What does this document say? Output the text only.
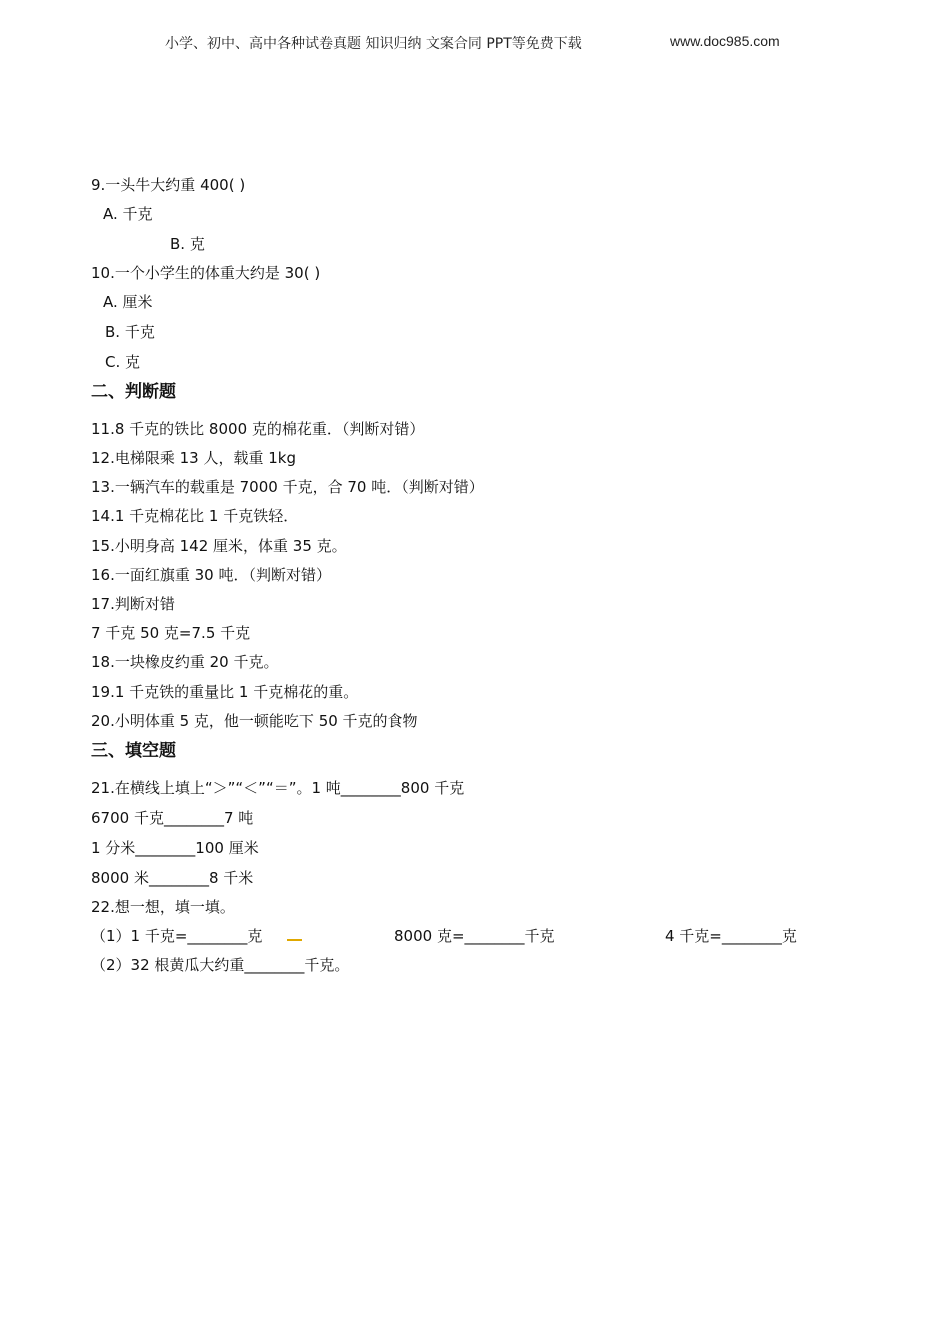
小学、初中、高中各种试卷真题 知识归纳 文案合同 PPT等免费下载	www.doc985.com
9.一头牛大约重 400( )
A. 千克
B. 克
10.一个小学生的体重大约是 30( )
A. 厘米
B. 千克
C. 克
二、判断题
11.8 千克的铁比 8000 克的棉花重．（判断对错）
12.电梯限乘 13 人，载重 1kg
13.一辆汽车的载重是 7000 千克，合 70 吨．（判断对错）
14.1 千克棉花比 1 千克铁轻．
15.小明身高 142 厘米，体重 35 克。
16.一面红旗重 30 吨．（判断对错）
17.判断对错
7 千克 50 克=7.5 千克
18.一块橡皮约重 20 千克。
19.1 千克铁的重量比 1 千克棉花的重。
20.小明体重 5 克，他一顿能吃下 50 千克的食物
三、填空题
21.在横线上填上“＞”“＜”“＝”。1 吨________800 千克
6700 千克________7 吨
1 分米________100 厘米
8000 米________8 千米
22.想一想，填一填。
（1）1 千克=________克	8000 克=________千克	4 千克=________克
（2）32 根黄瓜大约重________千克。
